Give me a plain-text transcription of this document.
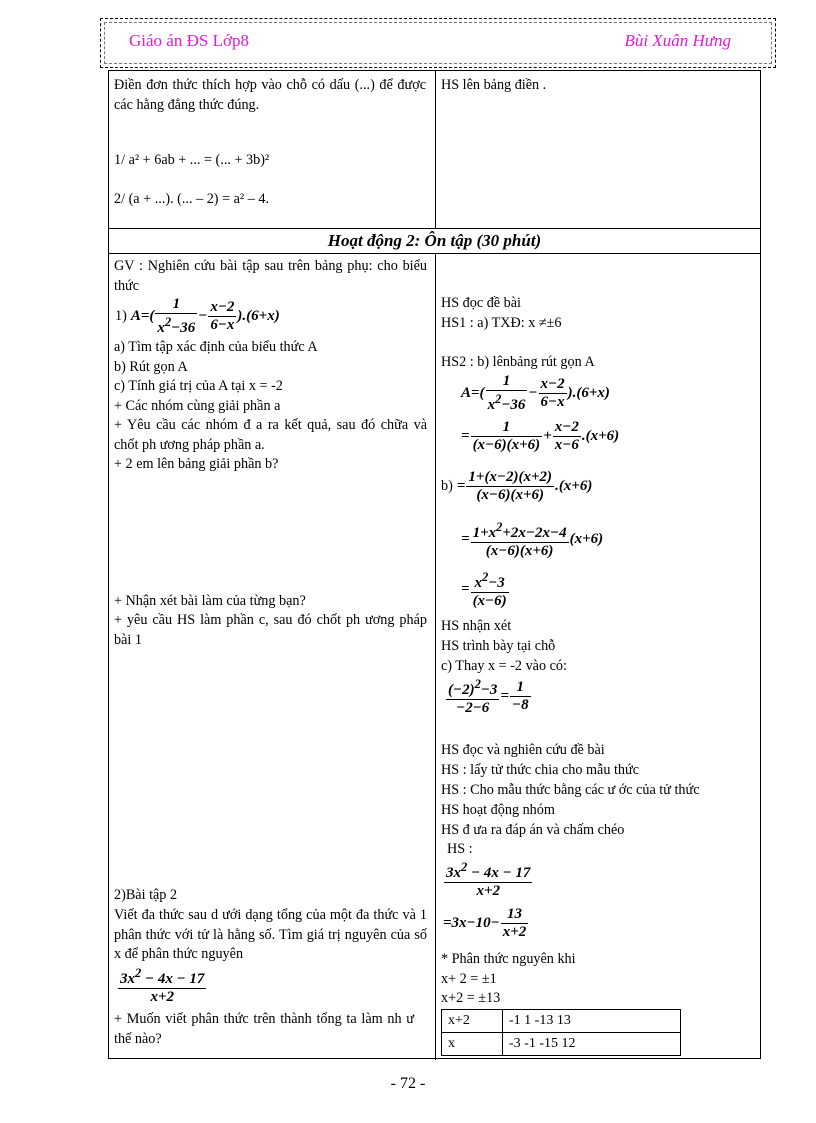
Giáo án ĐS Lớp8	Bùi Xuân Hưng
Hoạt động 2: Ôn tập (30 phút)
Điền đơn thức thích hợp vào chỗ có dấu (...) để được các hằng đẳng thức đúng.
1/ a² + 6ab + ... = (... + 3b)²
2/ (a + ...). (... – 2) = a² – 4.
HS lên bảng điền .
GV : Nghiên cứu bài tập sau trên bảng phụ: cho biểu thức
1) $A=( \frac{1}{x^2-36} - \frac{x-2}{6-x} ).(6+x)$
a) Tìm tập xác định của biểu thức A
b) Rút gọn A
c) Tính giá trị của A tại x = -2
+ Các nhóm cùng giải phần a
+ Yêu cầu các nhóm đ a ra kết quả, sau đó chữa và chốt ph ương pháp phần a.
+ 2 em lên bảng giải phần b?
+ Nhận xét bài làm của từng bạn?
+ yêu cầu HS làm phần c, sau đó chốt ph ương pháp bài 1
2)Bài tập 2
Viết đa thức sau d ưới dạng tổng của một đa thức và 1 phân thức với tử là hằng số. Tìm giá trị nguyên của số x để phân thức nguyên
$\frac{3x^2 - 4x - 17}{x+2}$
+ Muốn viết phân thức trên thành tổng ta làm nh ư thế nào?
HS đọc đề bài
HS1 : a) TXĐ: x ≠±6
HS2 : b) lênbảng rút gọn A
$A=( \frac{1}{x^2-36} - \frac{x-2}{6-x} ).(6+x)$
= $\frac{1}{(x-6)(x+6)} + \frac{x-2}{x-6} .(x+6)$
$b) = \frac{1+(x-2)(x+2)}{(x-6)(x+6)} .(x+6)$
= $\frac{1+x^2+2x-2x-4}{(x-6)(x+6)} (x+6)$
= $\frac{x^2-3}{(x-6)}$
HS nhận xét
HS trình bày tại chỗ
c) Thay x = -2 vào có:
$\frac{(-2)^2-3}{-2-6} = \frac{1}{-8}$
HS đọc và nghiên cứu đề bài
HS : lấy tử thức chia cho mẫu thức
HS : Cho mẫu thức bằng các ư ớc của tử thức
HS hoạt động nhóm
HS đ ưa ra đáp án và chấm chéo
HS :
$\frac{3x^2 - 4x - 17}{x+2}$
$=3x-10- \frac{13}{x+2}$
* Phân thức nguyên khi
x+ 2 = ±1
x+2 = ±13
x+2	-1 1 -13 13
x	-3 -1 -15 12
- 72 -
